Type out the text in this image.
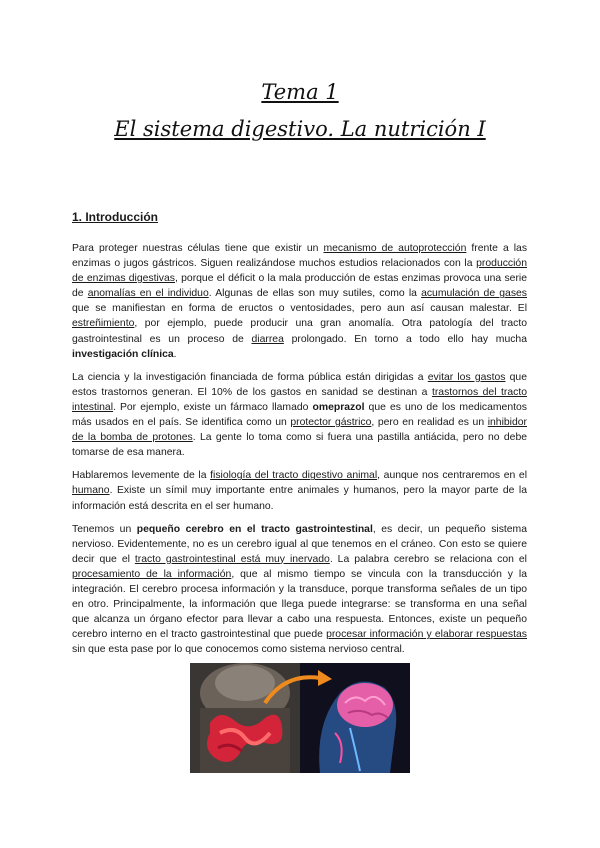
Tema 1
El sistema digestivo. La nutrición I
1. Introducción

Para proteger nuestras células tiene que existir un mecanismo de autoprotección frente a las enzimas o jugos gástricos. Siguen realizándose muchos estudios relacionados con la producción de enzimas digestivas, porque el déficit o la mala producción de estas enzimas provoca una serie de anomalías en el individuo. Algunas de ellas son muy sutiles, como la acumulación de gases que se manifiestan en forma de eructos o ventosidades, pero aun así causan malestar. El estreñimiento, por ejemplo, puede producir una gran anomalía. Otra patología del tracto gastrointestinal es un proceso de diarrea prolongado. En torno a todo ello hay mucha investigación clínica.

La ciencia y la investigación financiada de forma pública están dirigidas a evitar los gastos que estos trastornos generan. El 10% de los gastos en sanidad se destinan a trastornos del tracto intestinal. Por ejemplo, existe un fármaco llamado omeprazol que es uno de los medicamentos más usados en el país. Se identifica como un protector gástrico, pero en realidad es un inhibidor de la bomba de protones. La gente lo toma como si fuera una pastilla antiácida, pero no debe tomarse de esa manera.

Hablaremos levemente de la fisiología del tracto digestivo animal, aunque nos centraremos en el humano. Existe un símil muy importante entre animales y humanos, pero la mayor parte de la información está descrita en el ser humano.

Tenemos un pequeño cerebro en el tracto gastrointestinal, es decir, un pequeño sistema nervioso. Evidentemente, no es un cerebro igual al que tenemos en el cráneo. Con esto se quiere decir que el tracto gastrointestinal está muy inervado. La palabra cerebro se relaciona con el procesamiento de la información, que al mismo tiempo se vincula con la transducción y la integración. El cerebro procesa información y la transduce, porque transforma señales de un tipo en otro. Principalmente, la información que llega puede integrarse: se transforma en una señal que alcanza un órgano efector para llevar a cabo una respuesta. Entonces, existe un pequeño cerebro interno en el tracto gastrointestinal que puede procesar información y elaborar respuestas sin que esta pase por lo que conocemos como sistema nervioso central.
